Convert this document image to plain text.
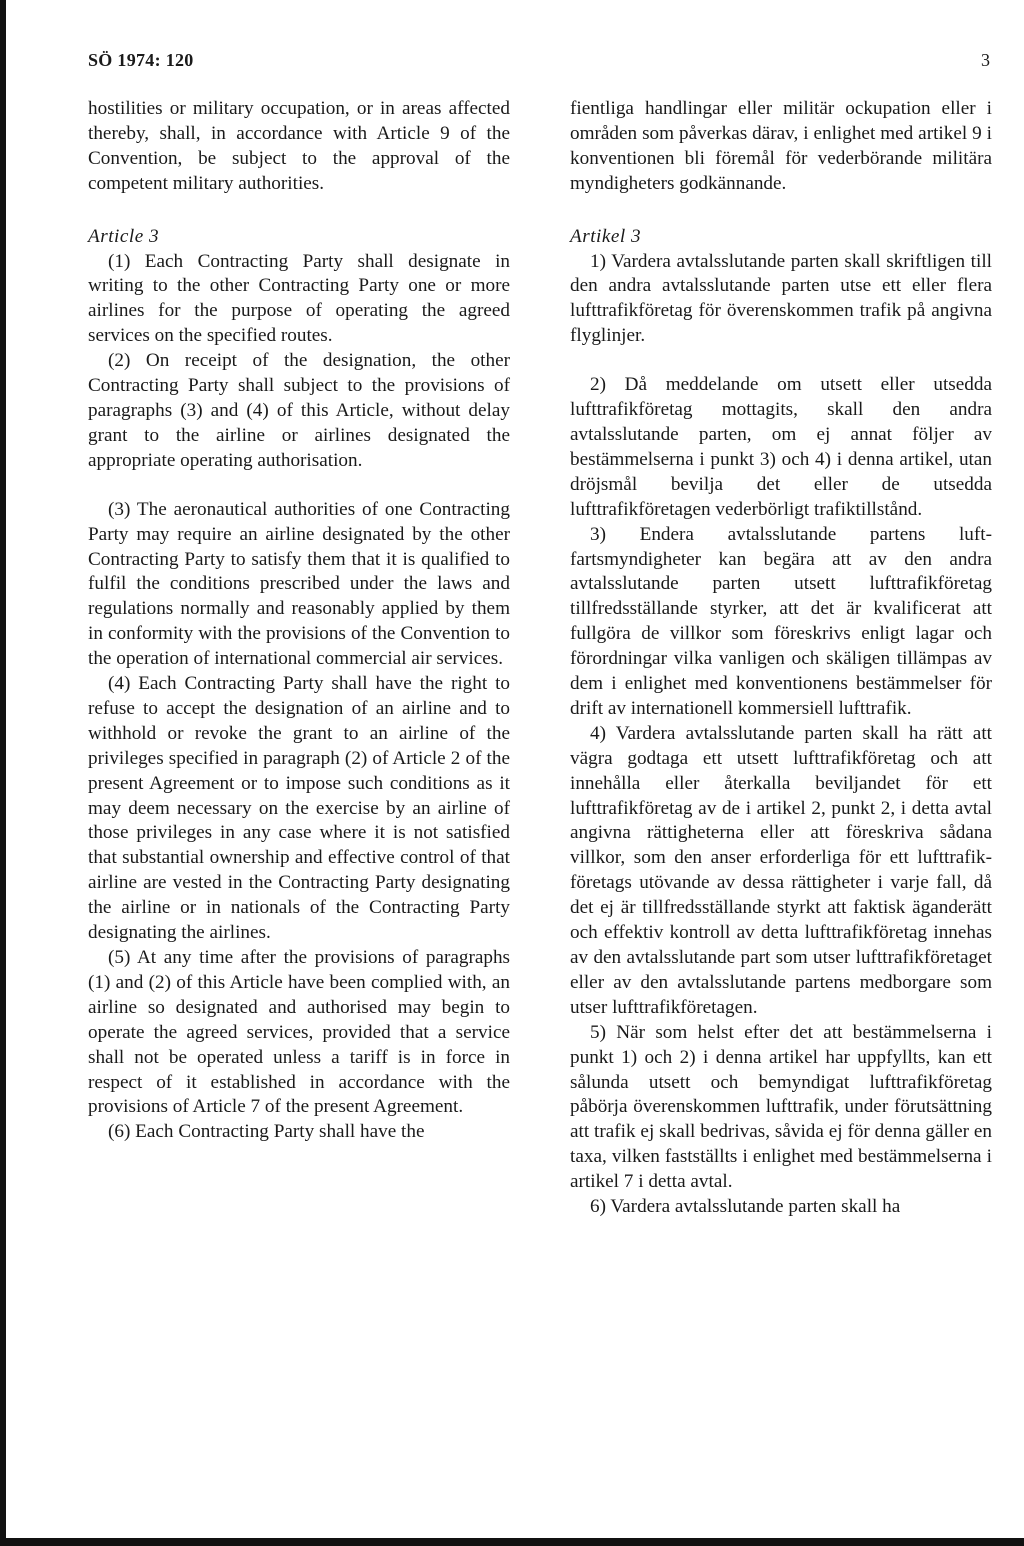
SÖ 1974: 120	3

hostilities or military occupation, or in areas affected thereby, shall, in accordance with Article 9 of the Convention, be subject to the approval of the competent military authorities.

Article 3

(1) Each Contracting Party shall designate in writing to the other Contracting Party one or more airlines for the purpose of operating the agreed services on the specified routes.

(2) On receipt of the designation, the other Contracting Party shall subject to the provisions of paragraphs (3) and (4) of this Article, without delay grant to the airline or airlines designated the appropriate operating authorisation.

(3) The aeronautical authorities of one Contracting Party may require an airline designated by the other Contracting Party to satisfy them that it is qualified to fulfil the conditions prescribed under the laws and regulations normally and reasonably applied by them in conformity with the provisions of the Convention to the operation of international commercial air services.

(4) Each Contracting Party shall have the right to refuse to accept the designation of an airline and to withhold or revoke the grant to an airline of the privileges specified in paragraph (2) of Article 2 of the present Agreement or to impose such conditions as it may deem necessary on the exercise by an airline of those privileges in any case where it is not satisfied that substantial ownership and effective control of that airline are vested in the Contracting Party designating the airline or in nationals of the Contracting Party designating the airlines.

(5) At any time after the provisions of paragraphs (1) and (2) of this Article have been complied with, an airline so designated and authorised may begin to operate the agreed services, provided that a service shall not be operated unless a tariff is in force in respect of it established in accordance with the provisions of Article 7 of the present Agreement.

(6) Each Contracting Party shall have the

fientliga handlingar eller militär ockupation eller i områden som påverkas därav, i enlighet med artikel 9 i konventionen bli föremål för vederbörande militära myndigheters godkännande.

Artikel 3

1) Vardera avtalsslutande parten skall skriftligen till den andra avtalsslutande parten utse ett eller flera lufttrafikföretag för överenskommen trafik på angivna flyglinjer.

2) Då meddelande om utsett eller utsedda lufttrafikföretag mottagits, skall den andra avtalsslutande parten, om ej annat följer av bestämmelserna i punkt 3) och 4) i denna artikel, utan dröjsmål bevilja det eller de utsedda lufttrafikföretagen vederbörligt trafiktillstånd.

3) Endera avtalsslutande partens luftfartsmyndigheter kan begära att av den andra avtalsslutande parten utsett lufttrafikföretag tillfredsställande styrker, att det är kvalificerat att fullgöra de villkor som föreskrivs enligt lagar och förordningar vilka vanligen och skäligen tillämpas av dem i enlighet med konventionens bestämmelser för drift av internationell kommersiell lufttrafik.

4) Vardera avtalsslutande parten skall ha rätt att vägra godtaga ett utsett lufttrafikföretag och att innehålla eller återkalla beviljandet för ett lufttrafikföretag av de i artikel 2, punkt 2, i detta avtal angivna rättigheterna eller att föreskriva sådana villkor, som den anser erforderliga för ett lufttrafikföretags utövande av dessa rättigheter i varje fall, då det ej är tillfredsställande styrkt att faktisk äganderätt och effektiv kontroll av detta lufttrafikföretag innehas av den avtalsslutande part som utser lufttrafikföretaget eller av den avtalsslutande partens medborgare som utser lufttrafikföretagen.

5) När som helst efter det att bestämmelserna i punkt 1) och 2) i denna artikel har uppfyllts, kan ett sålunda utsett och bemyndigat lufttrafikföretag påbörja överenskommen lufttrafik, under förutsättning att trafik ej skall bedrivas, såvida ej för denna gäller en taxa, vilken fastställts i enlighet med bestämmelserna i artikel 7 i detta avtal.

6) Vardera avtalsslutande parten skall ha
